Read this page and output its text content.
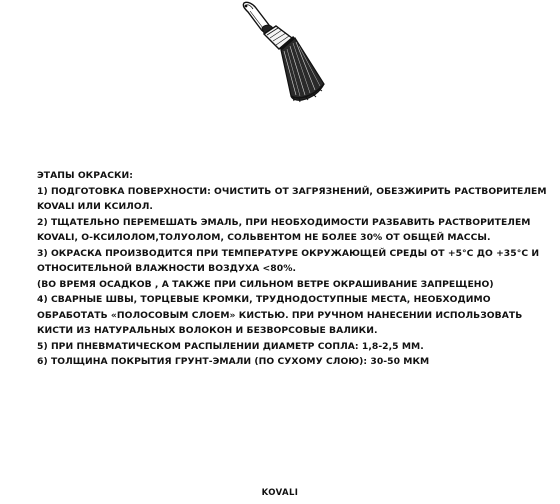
ЭТАПЫ ОКРАСКИ:
1) ПОДГОТОВКА ПОВЕРХНОСТИ: ОЧИСТИТЬ ОТ ЗАГРЯЗНЕНИЙ, ОБЕЗЖИРИТЬ РАСТВОРИТЕЛЕМ
KOVALI ИЛИ КСИЛОЛ.
2) ТЩАТЕЛЬНО ПЕРЕМЕШАТЬ ЭМАЛЬ, ПРИ НЕОБХОДИМОСТИ РАЗБАВИТЬ РАСТВОРИТЕЛЕМ
KOVALI, О-КСИЛОЛОМ,ТОЛУОЛОМ, СОЛЬВЕНТОМ НЕ БОЛЕЕ 30% ОТ ОБЩЕЙ МАССЫ.
3) ОКРАСКА ПРОИЗВОДИТСЯ ПРИ ТЕМПЕРАТУРЕ ОКРУЖАЮЩЕЙ СРЕДЫ ОТ +5°С ДО +35°С И
ОТНОСИТЕЛЬНОЙ ВЛАЖНОСТИ ВОЗДУХА <80%.
(ВО ВРЕМЯ ОСАДКОВ , А ТАКЖЕ ПРИ СИЛЬНОМ ВЕТРЕ ОКРАШИВАНИЕ ЗАПРЕЩЕНО)
4) СВАРНЫЕ ШВЫ, ТОРЦЕВЫЕ КРОМКИ, ТРУДНОДОСТУПНЫЕ МЕСТА, НЕОБХОДИМО
ОБРАБОТАТЬ «ПОЛОСОВЫМ СЛОЕМ» КИСТЬЮ. ПРИ РУЧНОМ НАНЕСЕНИИ ИСПОЛЬЗОВАТЬ
КИСТИ ИЗ НАТУРАЛЬНЫХ ВОЛОКОН И БЕЗВОРСОВЫЕ ВАЛИКИ.
5) ПРИ ПНЕВМАТИЧЕСКОМ РАСПЫЛЕНИИ ДИАМЕТР СОПЛА: 1,8-2,5 ММ.
6) ТОЛЩИНА ПОКРЫТИЯ ГРУНТ-ЭМАЛИ (ПО СУХОМУ СЛОЮ): 30-50 МКМ
KOVALI
